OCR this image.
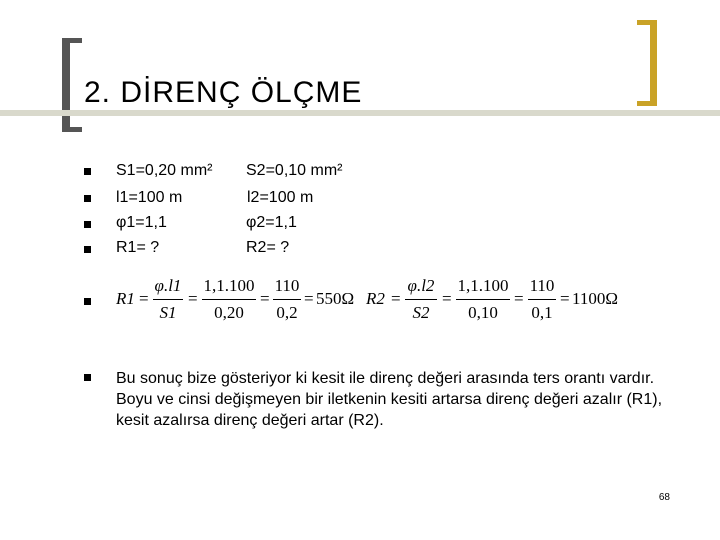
2. DİRENÇ ÖLÇME
S1=0,20 mm² S2=0,10 mm²
l1=100 m	l2=100 m
φ1=1,1	φ2=1,1
R1= ?	R2= ?
R1 =
φ.l1
S1
=
1,1.100
0,20
=
110
0,2
= 550Ω R2 =
φ.l2
S2
=
1,1.100
0,10
=
110
0,1
= 1100Ω
Bu sonuç bize gösteriyor ki kesit ile direnç değeri arasında ters orantı vardır. Boyu ve cinsi değişmeyen bir iletkenin kesiti artarsa direnç değeri azalır (R1), kesit azalırsa direnç değeri artar (R2).
68
